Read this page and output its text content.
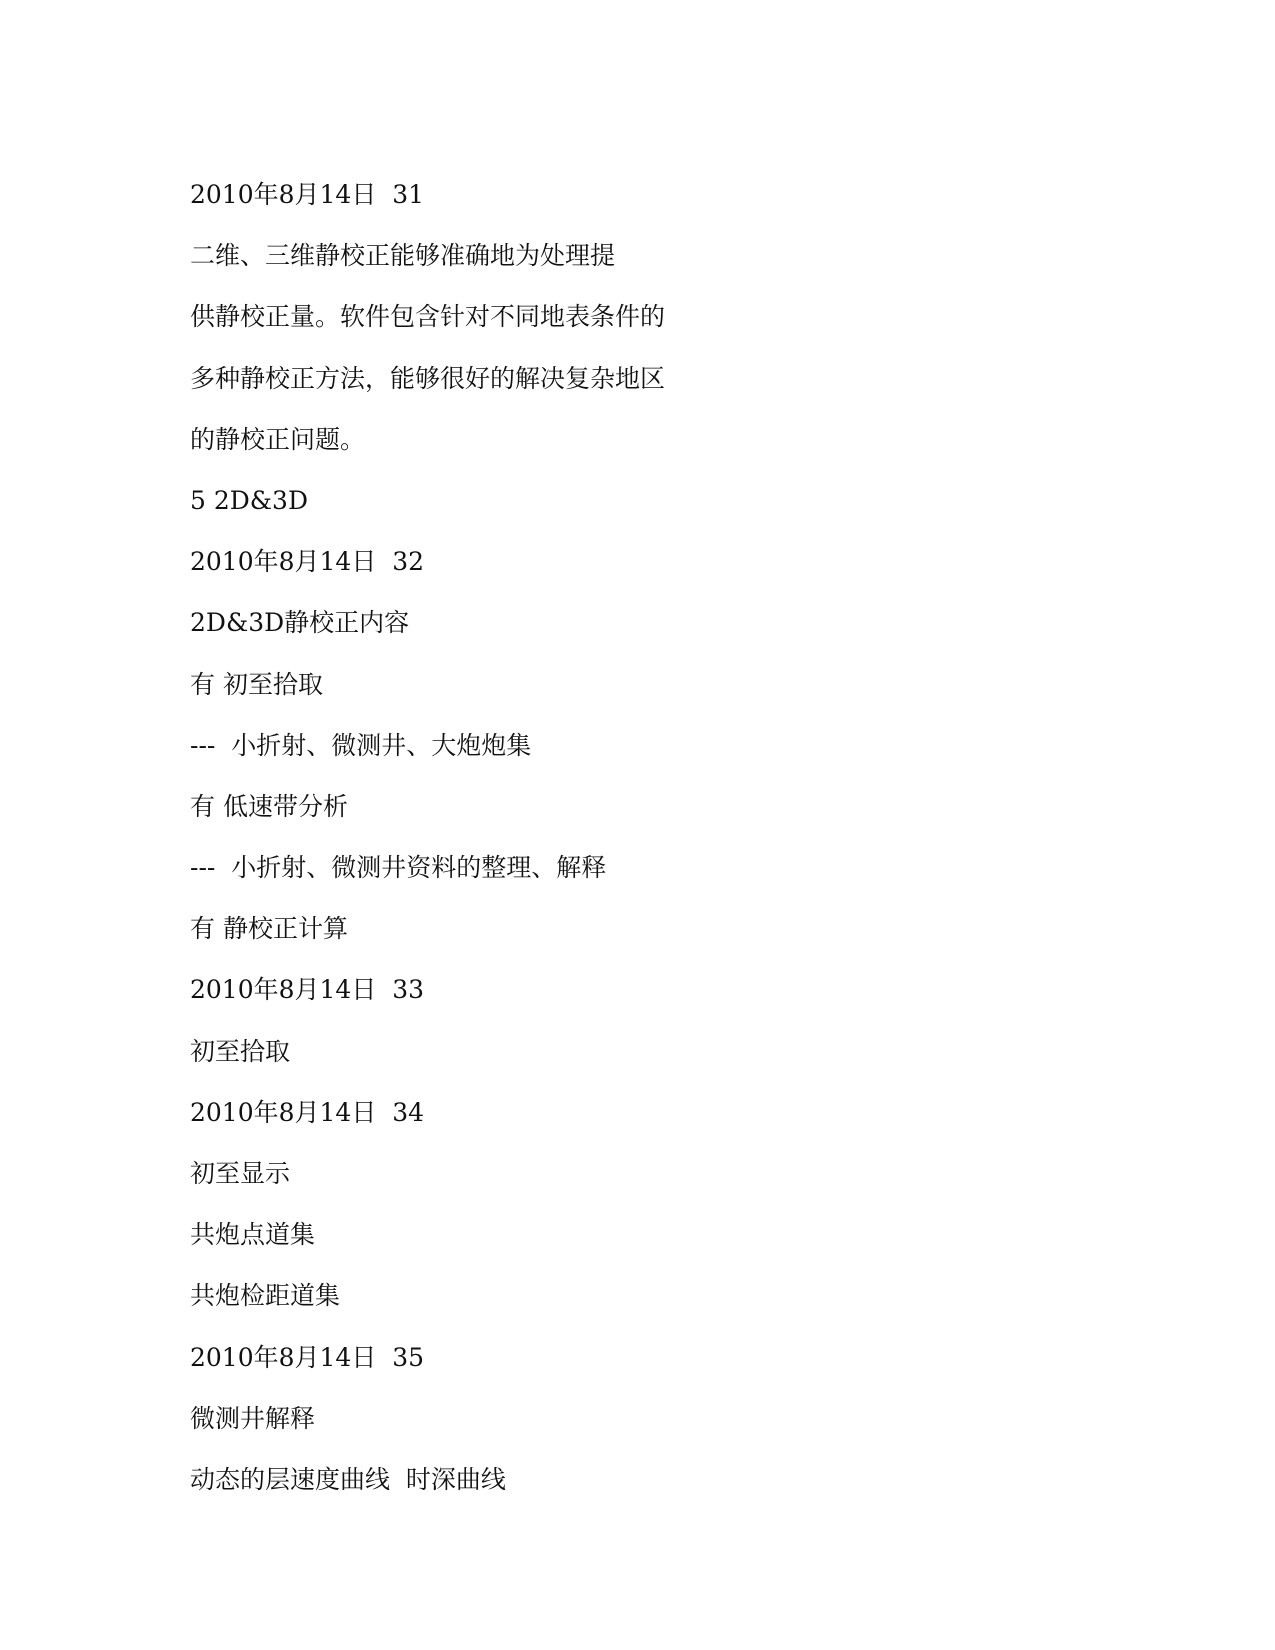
2010年8月14日  31

二维、三维静校正能够准确地为处理提

供静校正量。软件包含针对不同地表条件的

多种静校正方法，能够很好的解决复杂地区

的静校正问题。

5 2D&3D

2010年8月14日  32

2D&3D静校正内容

有 初至拾取

---  小折射、微测井、大炮炮集

有 低速带分析

---  小折射、微测井资料的整理、解释

有 静校正计算

2010年8月14日  33

初至拾取

2010年8月14日  34

初至显示

共炮点道集

共炮检距道集

2010年8月14日  35

微测井解释

动态的层速度曲线  时深曲线
